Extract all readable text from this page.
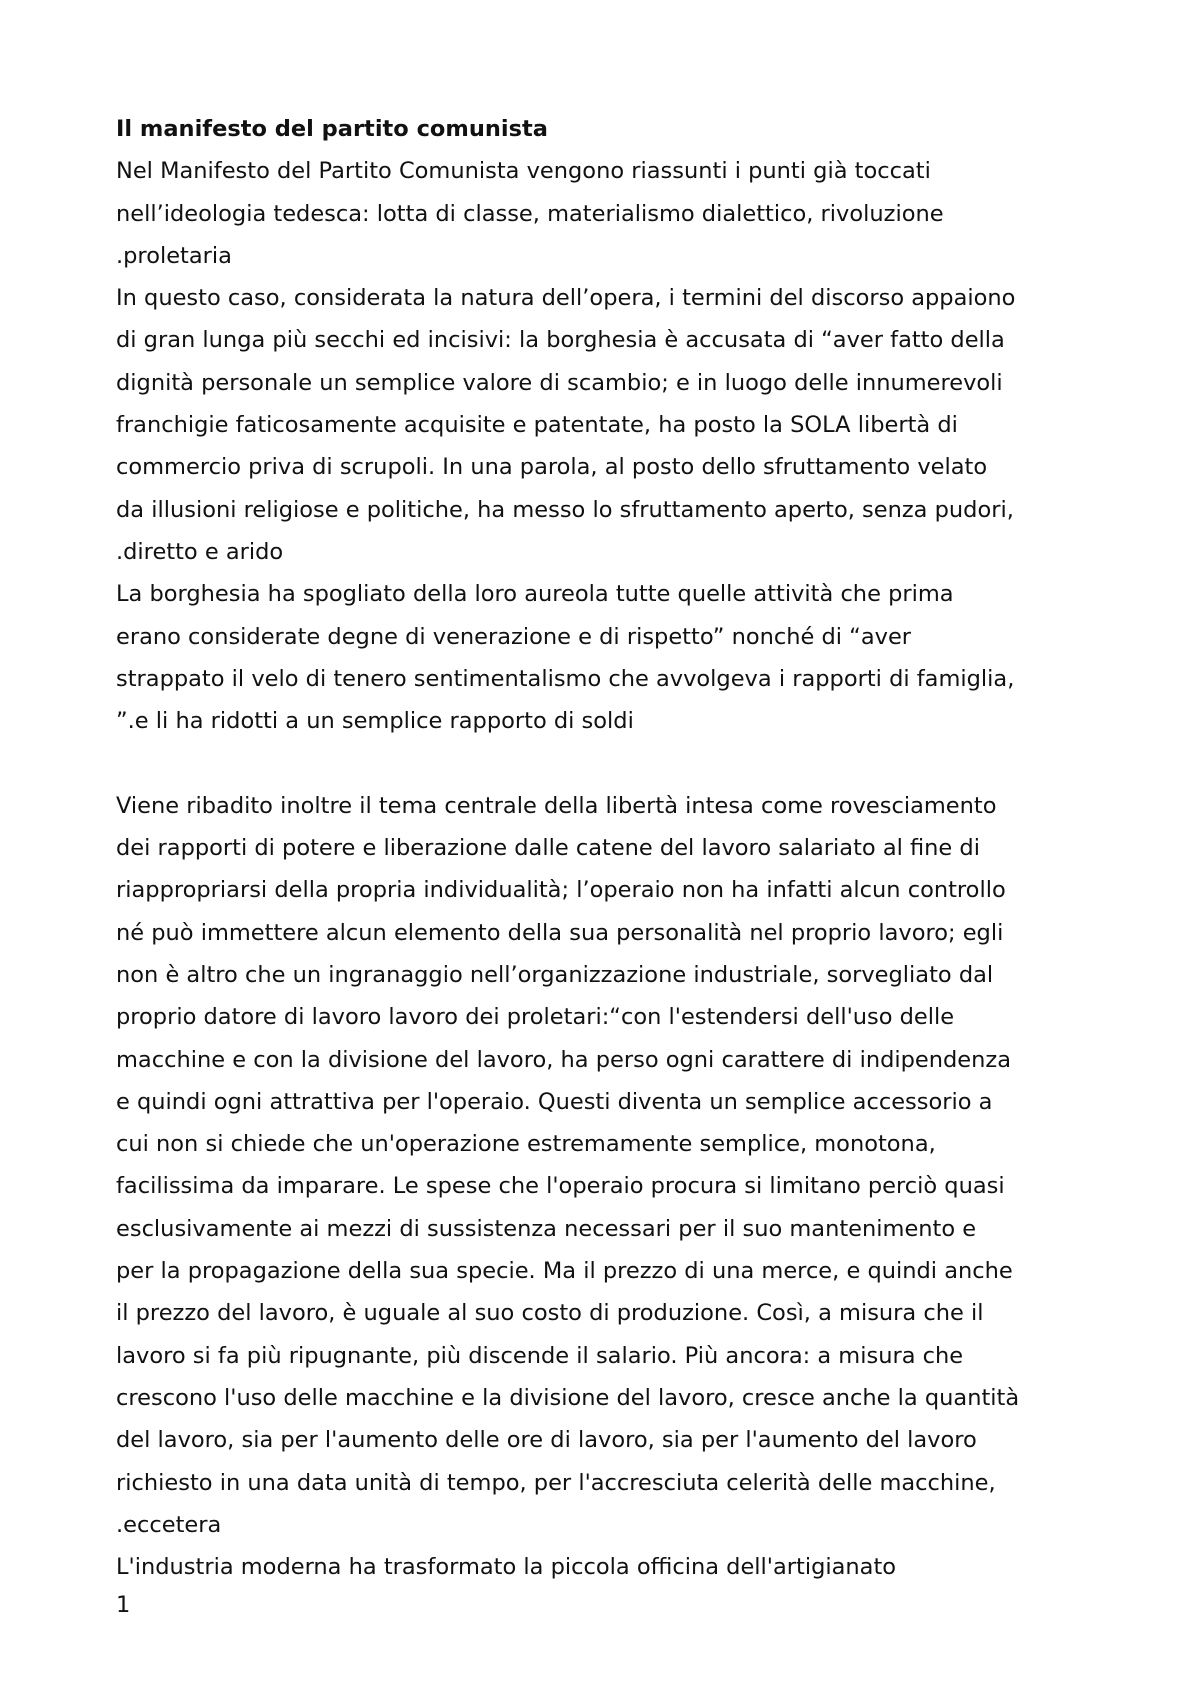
Il manifesto del partito comunista
Nel Manifesto del Partito Comunista vengono riassunti i punti già toccati
nell’ideologia tedesca: lotta di classe, materialismo dialettico, rivoluzione
.proletaria
In questo caso, considerata la natura dell’opera, i termini del discorso appaiono
di gran lunga più secchi ed incisivi: la borghesia è accusata di “aver fatto della
dignità personale un semplice valore di scambio; e in luogo delle innumerevoli
franchigie faticosamente acquisite e patentate, ha posto la SOLA libertà di
commercio priva di scrupoli. In una parola, al posto dello sfruttamento velato
da illusioni religiose e politiche, ha messo lo sfruttamento aperto, senza pudori,
.diretto e arido
La borghesia ha spogliato della loro aureola tutte quelle attività che prima
erano considerate degne di venerazione e di rispetto” nonché di “aver
strappato il velo di tenero sentimentalismo che avvolgeva i rapporti di famiglia,
”.e li ha ridotti a un semplice rapporto di soldi
Viene ribadito inoltre il tema centrale della libertà intesa come rovesciamento
dei rapporti di potere e liberazione dalle catene del lavoro salariato al fine di
riappropriarsi della propria individualità; l’operaio non ha infatti alcun controllo
né può immettere alcun elemento della sua personalità nel proprio lavoro; egli
non è altro che un ingranaggio nell’organizzazione industriale, sorvegliato dal
proprio datore di lavoro lavoro dei proletari:“con l'estendersi dell'uso delle
macchine e con la divisione del lavoro, ha perso ogni carattere di indipendenza
e quindi ogni attrattiva per l'operaio. Questi diventa un semplice accessorio a
cui non si chiede che un'operazione estremamente semplice, monotona,
facilissima da imparare. Le spese che l'operaio procura si limitano perciò quasi
esclusivamente ai mezzi di sussistenza necessari per il suo mantenimento e
per la propagazione della sua specie. Ma il prezzo di una merce, e quindi anche
il prezzo del lavoro, è uguale al suo costo di produzione. Così, a misura che il
lavoro si fa più ripugnante, più discende il salario. Più ancora: a misura che
crescono l'uso delle macchine e la divisione del lavoro, cresce anche la quantità
del lavoro, sia per l'aumento delle ore di lavoro, sia per l'aumento del lavoro
richiesto in una data unità di tempo, per l'accresciuta celerità delle macchine,
.eccetera
L'industria moderna ha trasformato la piccola officina dell'artigianato
1
